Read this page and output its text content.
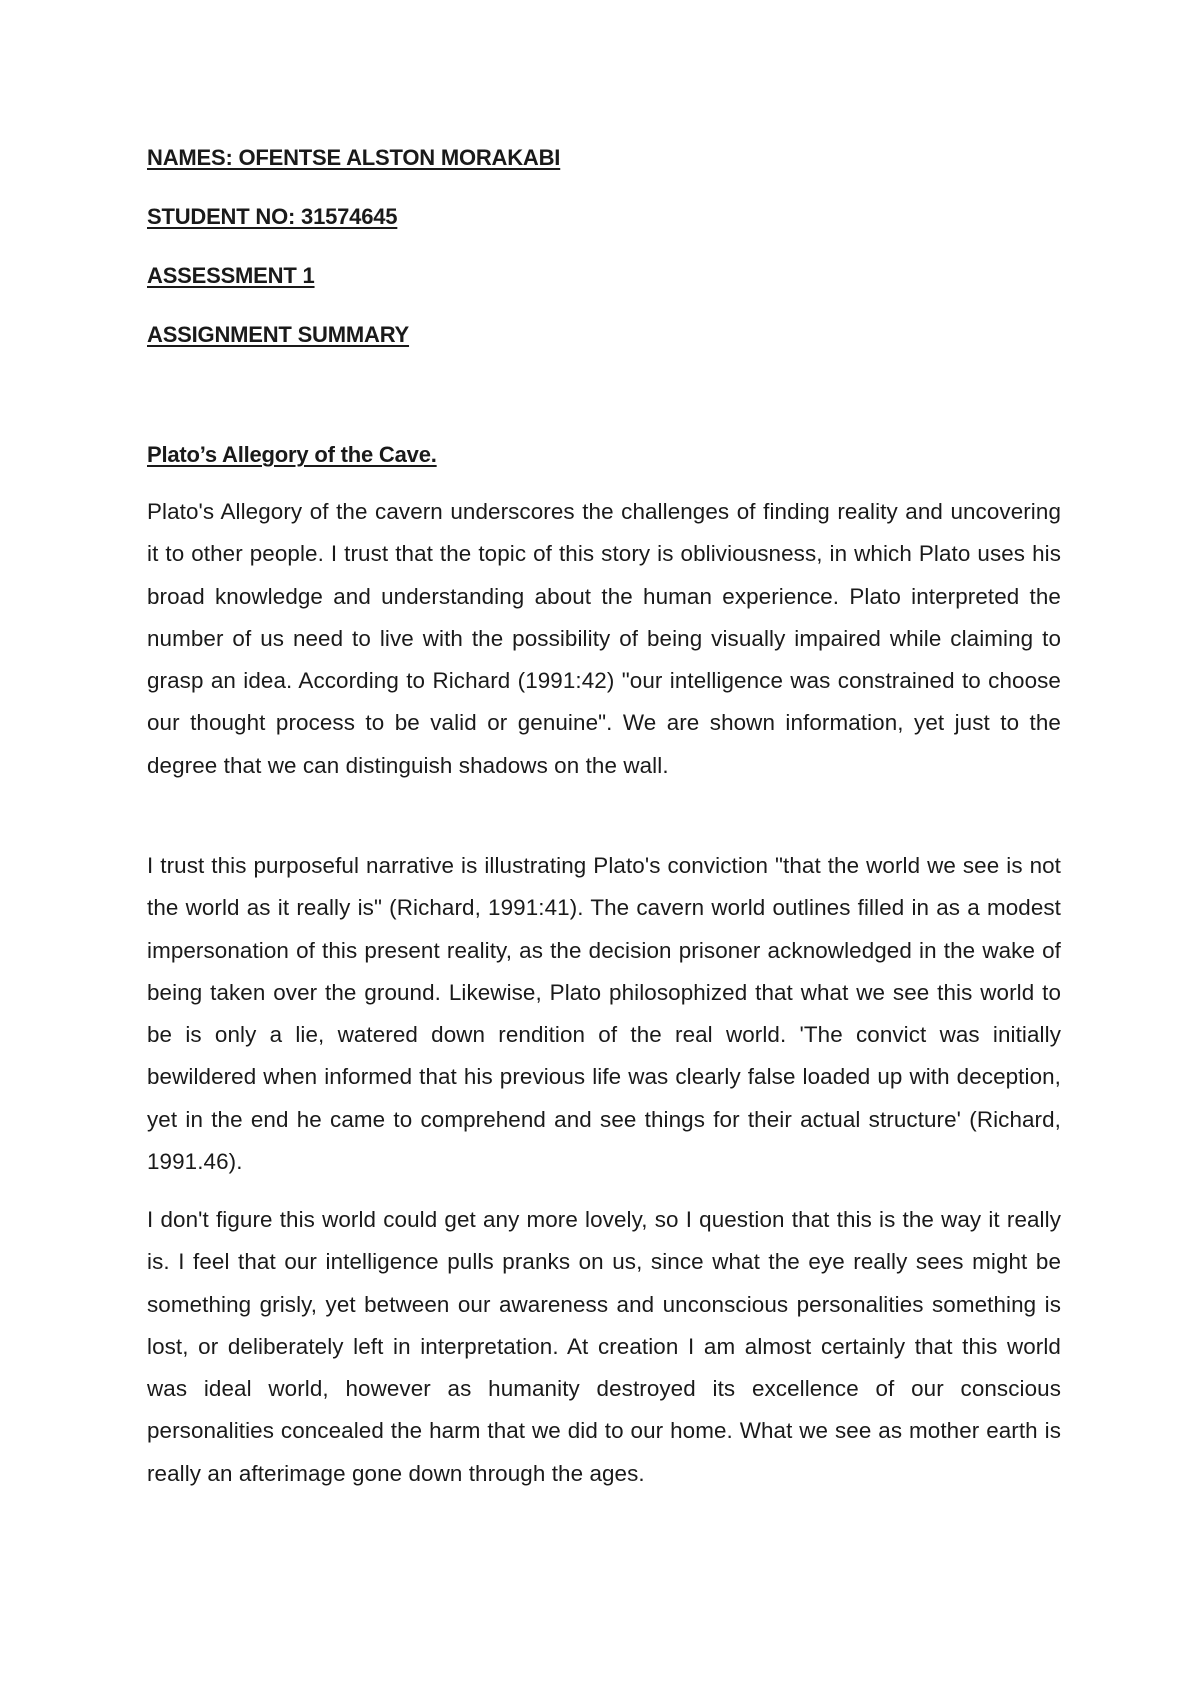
NAMES: OFENTSE ALSTON MORAKABI

STUDENT NO: 31574645

ASSESSMENT 1

ASSIGNMENT SUMMARY

Plato’s Allegory of the Cave.

Plato's Allegory of the cavern underscores the challenges of finding reality and uncovering it to other people. I trust that the topic of this story is obliviousness, in which Plato uses his broad knowledge and understanding about the human experience. Plato interpreted the number of us need to live with the possibility of being visually impaired while claiming to grasp an idea. According to Richard (1991:42) "our intelligence was constrained to choose our thought process to be valid or genuine". We are shown information, yet just to the degree that we can distinguish shadows on the wall.

I trust this purposeful narrative is illustrating Plato's conviction "that the world we see is not the world as it really is" (Richard, 1991:41). The cavern world outlines filled in as a modest impersonation of this present reality, as the decision prisoner acknowledged in the wake of being taken over the ground. Likewise, Plato philosophized that what we see this world to be is only a lie, watered down rendition of the real world. 'The convict was initially bewildered when informed that his previous life was clearly false loaded up with deception, yet in the end he came to comprehend and see things for their actual structure' (Richard, 1991.46).

I don't figure this world could get any more lovely, so I question that this is the way it really is. I feel that our intelligence pulls pranks on us, since what the eye really sees might be something grisly, yet between our awareness and unconscious personalities something is lost, or deliberately left in interpretation. At creation I am almost certainly that this world was ideal world, however as humanity destroyed its excellence of our conscious personalities concealed the harm that we did to our home. What we see as mother earth is really an afterimage gone down through the ages.
